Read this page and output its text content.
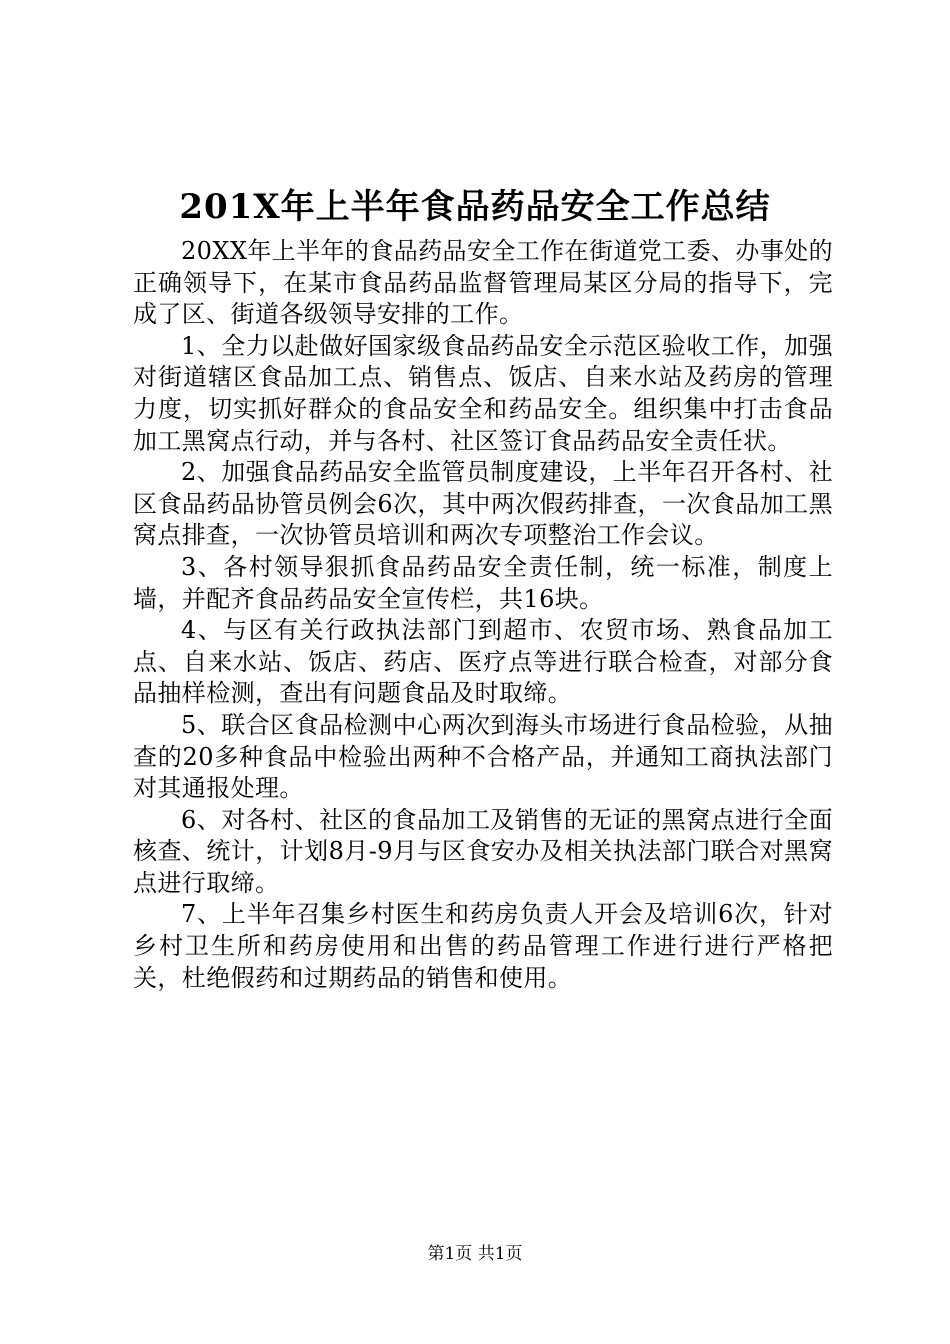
201X年上半年食品药品安全工作总结

20XX年上半年的食品药品安全工作在街道党工委、办事处的正确领导下，在某市食品药品监督管理局某区分局的指导下，完成了区、街道各级领导安排的工作。

1、全力以赴做好国家级食品药品安全示范区验收工作，加强对街道辖区食品加工点、销售点、饭店、自来水站及药房的管理力度，切实抓好群众的食品安全和药品安全。组织集中打击食品加工黑窝点行动，并与各村、社区签订食品药品安全责任状。

2、加强食品药品安全监管员制度建设，上半年召开各村、社区食品药品协管员例会6次，其中两次假药排查，一次食品加工黑窝点排查，一次协管员培训和两次专项整治工作会议。

3、各村领导狠抓食品药品安全责任制，统一标准，制度上墙，并配齐食品药品安全宣传栏，共16块。

4、与区有关行政执法部门到超市、农贸市场、熟食品加工点、自来水站、饭店、药店、医疗点等进行联合检查，对部分食品抽样检测，查出有问题食品及时取缔。

5、联合区食品检测中心两次到海头市场进行食品检验，从抽查的20多种食品中检验出两种不合格产品，并通知工商执法部门对其通报处理。

6、对各村、社区的食品加工及销售的无证的黑窝点进行全面核查、统计，计划8月-9月与区食安办及相关执法部门联合对黑窝点进行取缔。

7、上半年召集乡村医生和药房负责人开会及培训6次，针对乡村卫生所和药房使用和出售的药品管理工作进行进行严格把关，杜绝假药和过期药品的销售和使用。

第1页 共1页
